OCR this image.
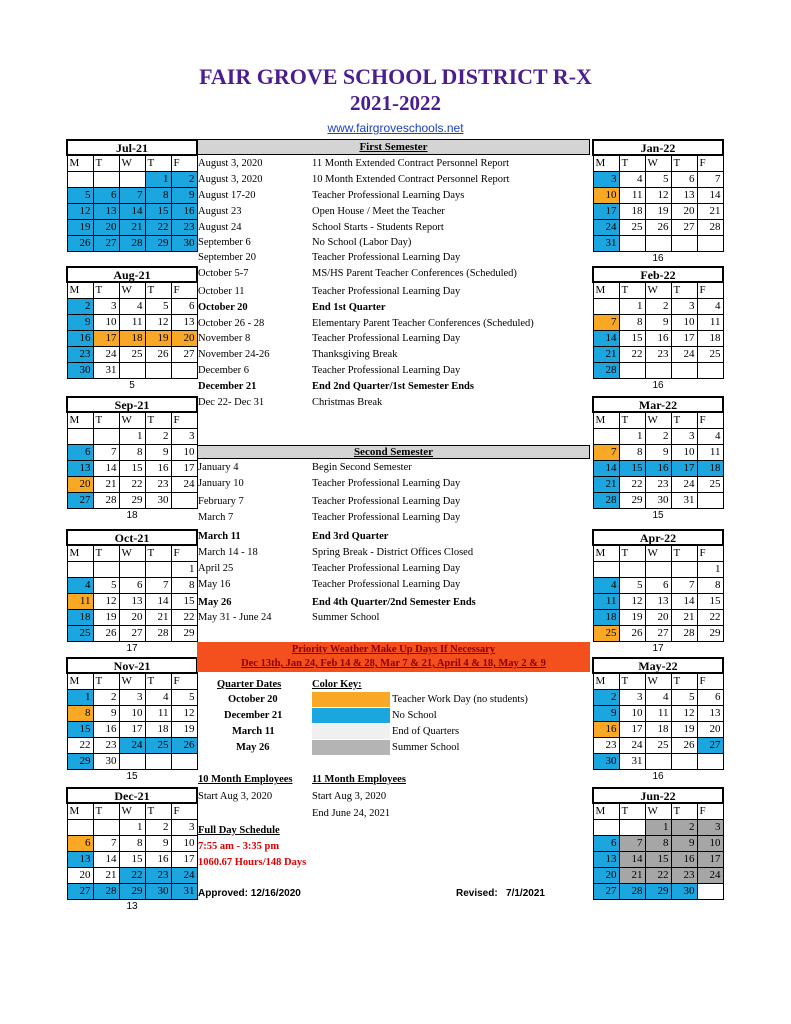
FAIR GROVE SCHOOL DISTRICT R-X
2021-2022
www.fairgroveschools.net
Jul-21				
M	T	W	T	F
			1	2
5	6	7	8	9
12	13	14	15	16
19	20	21	22	23
26	27	28	29	30

Aug-21				
M	T	W	T	F
2	3	4	5	6
9	10	11	12	13
16	17	18	19	20
23	24	25	26	27
30	31			
5				
Sep-21				
M	T	W	T	F
		1	2	3
6	7	8	9	10
13	14	15	16	17
20	21	22	23	24
27	28	29	30	
18				
Oct-21				
M	T	W	T	F
				1
4	5	6	7	8
11	12	13	14	15
18	19	20	21	22
25	26	27	28	29
17				
Nov-21				
M	T	W	T	F
1	2	3	4	5
8	9	10	11	12
15	16	17	18	19
22	23	24	25	26
29	30			
15				
Dec-21				
M	T	W	T	F
		1	2	3
6	7	8	9	10
13	14	15	16	17
20	21	22	23	24
27	28	29	30	31
13				
Jan-22				
M	T	W	T	F
3	4	5	6	7
10	11	12	13	14
17	18	19	20	21
24	25	26	27	28
31				
16				
Feb-22				
M	T	W	T	F
	1	2	3	4
7	8	9	10	11
14	15	16	17	18
21	22	23	24	25
28				
16				
Mar-22				
M	T	W	T	F
	1	2	3	4
7	8	9	10	11
14	15	16	17	18
21	22	23	24	25
28	29	30	31	
15				
Apr-22				
M	T	W	T	F
				1
4	5	6	7	8
11	12	13	14	15
18	19	20	21	22
25	26	27	28	29
17				
May-22				
M	T	W	T	F
2	3	4	5	6
9	10	11	12	13
16	17	18	19	20
23	24	25	26	27
30	31			
16				
Jun-22				
M	T	W	T	F
		1	2	3
6	7	8	9	10
13	14	15	16	17
20	21	22	23	24
27	28	29	30	

First Semester
August 3, 2020	11 Month Extended Contract Personnel Report
August 3, 2020	10 Month Extended Contract Personnel Report
August 17-20	Teacher Professional Learning Days
August 23	Open House / Meet the Teacher
August 24	School Starts - Students Report
September 6	No School (Labor Day)
September 20	Teacher Professional Learning Day
October 5-7	MS/HS Parent Teacher Conferences (Scheduled)
October 11	Teacher Professional Learning Day
October 20	End 1st Quarter
October 26 - 28	Elementary Parent Teacher Conferences (Scheduled)
November 8	Teacher Professional Learning Day
November 24-26	Thanksgiving Break
December 6	Teacher Professional Learning Day
December 21	End 2nd Quarter/1st Semester Ends
Dec 22- Dec 31	Christmas Break
Second Semester
January 4	Begin Second Semester
January 10	Teacher Professional Learning Day
February 7	Teacher Professional Learning Day
March 7	Teacher Professional Learning Day
March 11	End 3rd Quarter
March 14 - 18	Spring Break - District Offices Closed
April 25	Teacher Professional Learning Day
May 16	Teacher Professional Learning Day
May 26	End 4th Quarter/2nd Semester Ends
May 31 - June 24	Summer School
Priority Weather Make Up Days If Necessary
Dec 13th, Jan 24, Feb 14 & 28, Mar 7 & 21, April 4 & 18, May 2 & 9
Quarter Dates
October 20
December 21
March 11
May 26
Color Key:
Teacher Work Day (no students)
No School
End of Quarters
Summer School
10 Month Employees
Start Aug 3, 2020
11 Month Employees
Start Aug 3, 2020
End June 24, 2021
Full Day Schedule
7:55 am - 3:35 pm
1060.67 Hours/148 Days
Approved: 12/16/2020	Revised:   7/1/2021
